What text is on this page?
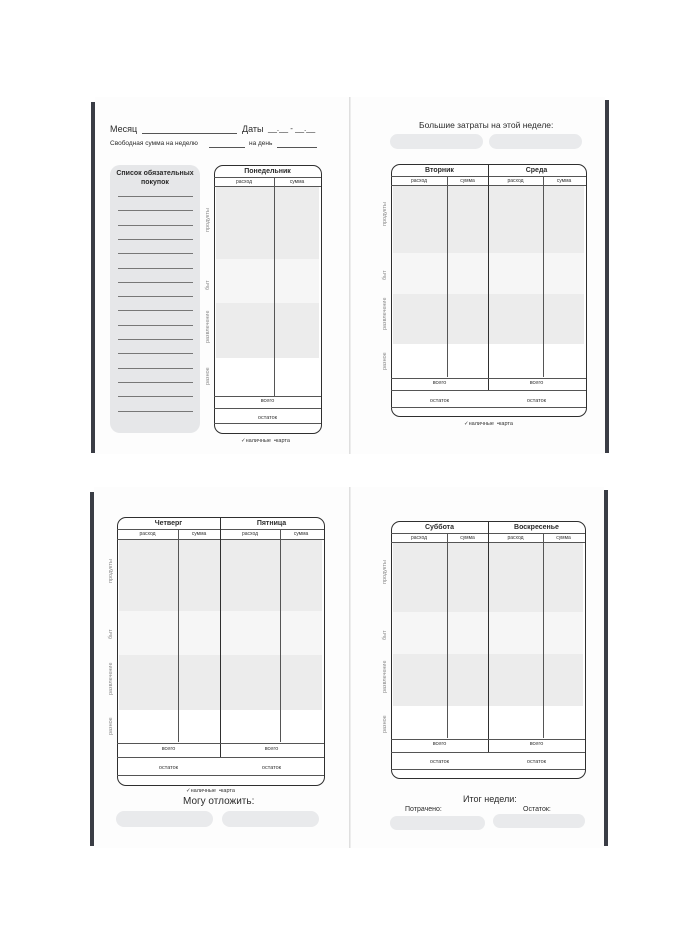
Месяц	Даты __.__ - __.__
Свободная сумма на неделю	на день
Список обязательных покупок
Понедельник
расход	сумма
продукты
быт
развлечение
разное
всего
остаток
✓наличные •карта
Большие затраты на этой неделе:
Вторник	Среда
расход	сумма	расход	сумма
продукты
быт
развлечение
разное
всего	всего
остаток	остаток
✓наличные •карта
Четверг	Пятница
расход	сумма	расход	сумма
продукты
быт
развлечение
разное
всего	всего
остаток	остаток
✓наличные •карта
Могу отложить:
Суббота	Воскресенье
расход	сумма	расход	сумма
продукты
быт
развлечение
разное
всего	всего
остаток	остаток
Итог недели:
Потрачено:	Остаток:
